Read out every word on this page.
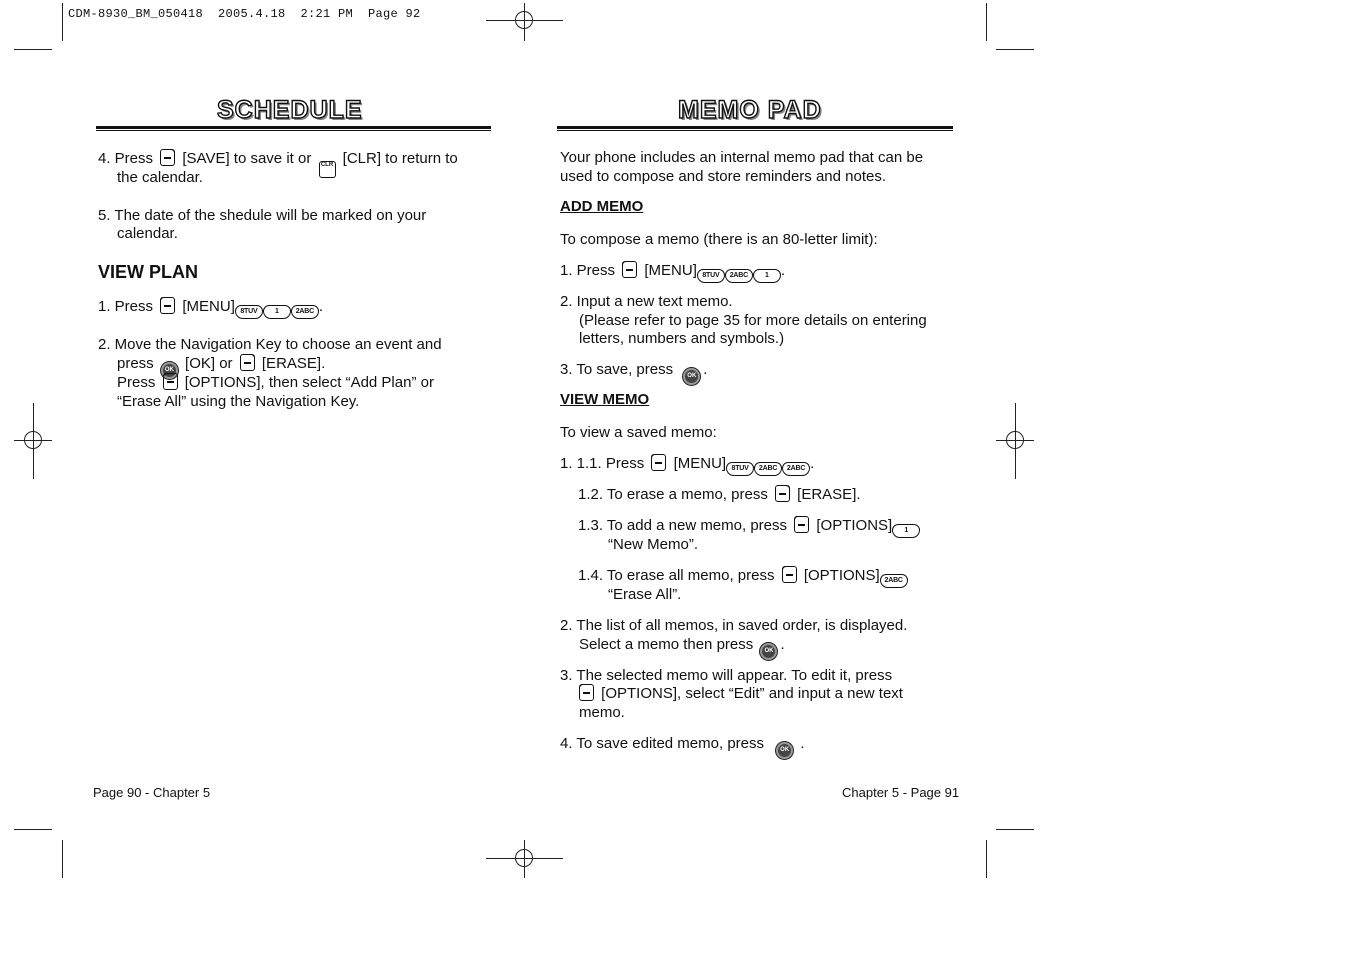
CDM-8930_BM_050418  2005.4.18  2:21 PM  Page 92
SCHEDULE
4. Press [SAVE] to save it or CLR [CLR] to return to
the calendar.
5. The date of the shedule will be marked on your
calendar.
VIEW PLAN
1. Press [MENU] 8TUV	1 2ABC .
2. Move the Navigation Key to choose an event and
press OK [OK] or [ERASE].
Press [OPTIONS], then select “Add Plan” or
“Erase All” using the Navigation Key.
Page 90 - Chapter 5
MEMO PAD
Your phone includes an internal memo pad that can be
used to compose and store reminders and notes.
ADD MEMO
To compose a memo (there is an 80-letter limit):
1. Press [MENU] 8TUV 2ABC 1 .
2. Input a new text memo.
(Please refer to page 35 for more details on entering
letters, numbers and symbols.)
3. To save, press OK .
VIEW MEMO
To view a saved memo:
1. 1.1. Press [MENU] 8TUV 2ABC 2ABC .
1.2. To erase a memo, press [ERASE].
1.3. To add a new memo, press [OPTIONS] 1
“New Memo”.
1.4. To erase all memo, press [OPTIONS] 2ABC
“Erase All”.
2. The list of all memos, in saved order, is displayed.
Select a memo then press OK .
3. The selected memo will appear. To edit it, press
[OPTIONS], select “Edit” and input a new text
memo.
4. To save edited memo, press	OK .
Chapter 5 - Page 91
